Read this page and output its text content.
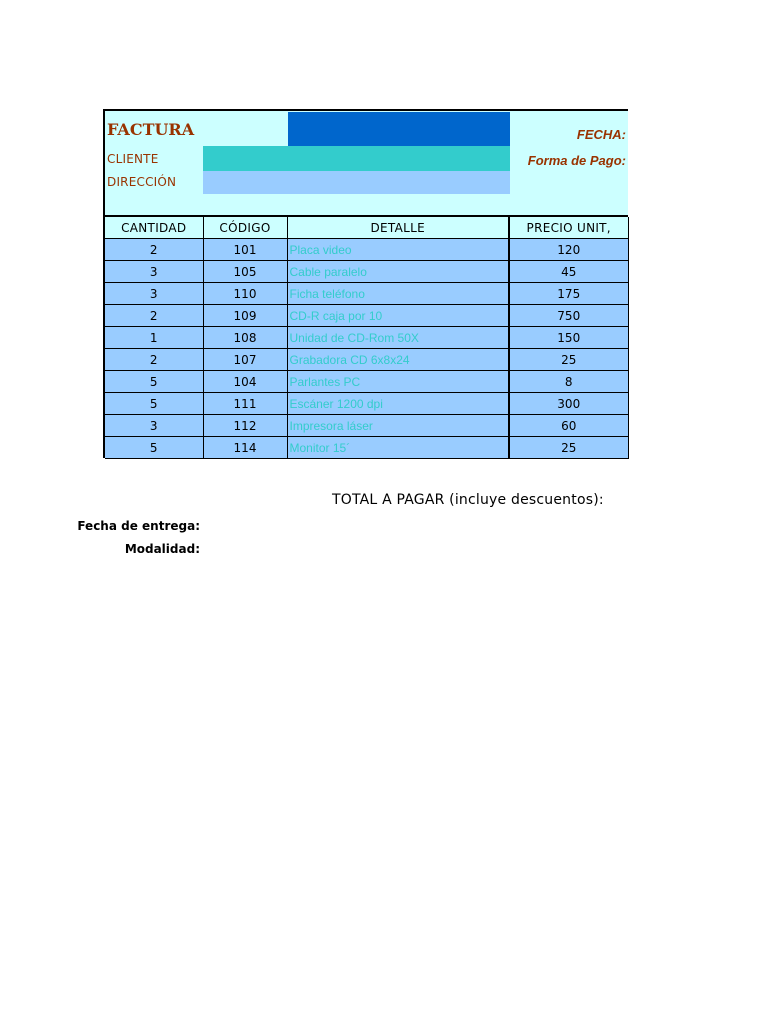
FACTURA
CLIENTE
DIRECCIÓN
FECHA:
Forma de Pago:
CANTIDAD	CÓDIGO	DETALLE	PRECIO UNIT,
2	101	Placa video	120
3	105	Cable paralelo	45
3	110	Ficha teléfono	175
2	109	CD-R caja por 10	750
1	108	Unidad de CD-Rom 50X	150
2	107	Grabadora CD 6x8x24	25
5	104	Parlantes PC	8
5	111	Escáner 1200 dpi	300
3	112	Impresora láser	60
5	114	Monitor 15´	25
TOTAL A PAGAR (incluye descuentos):
Fecha de entrega:
Modalidad:
